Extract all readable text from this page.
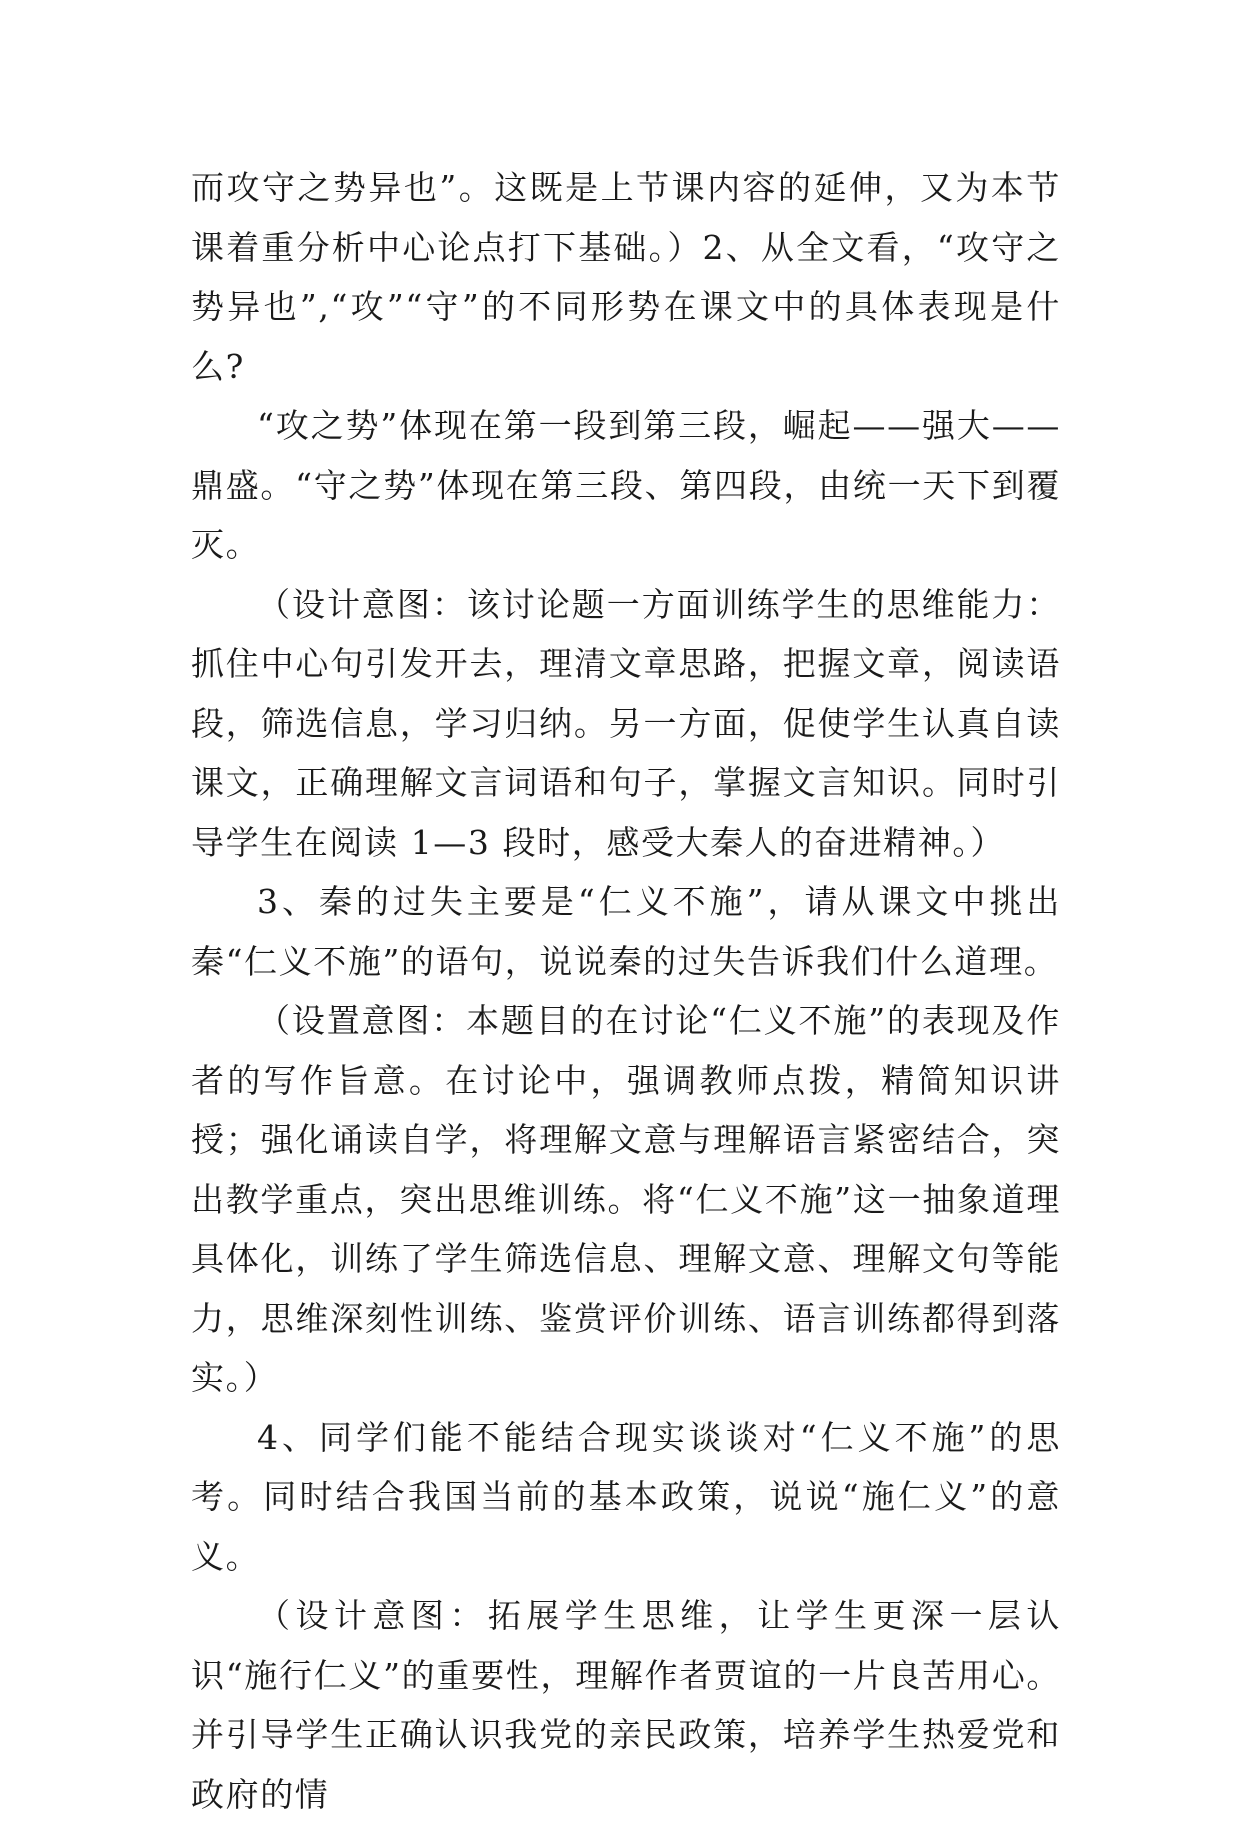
而攻守之势异也”。这既是上节课内容的延伸，又为本节课着重分析中心论点打下基础。）2、从全文看，“攻守之势异也”,“攻”“守”的不同形势在课文中的具体表现是什么?

“攻之势”体现在第一段到第三段，崛起——强大——鼎盛。“守之势”体现在第三段、第四段，由统一天下到覆灭。

（设计意图：该讨论题一方面训练学生的思维能力：抓住中心句引发开去，理清文章思路，把握文章，阅读语段，筛选信息，学习归纳。另一方面，促使学生认真自读课文，正确理解文言词语和句子，掌握文言知识。同时引导学生在阅读 1—3 段时，感受大秦人的奋进精神。）

3、秦的过失主要是“仁义不施”，请从课文中挑出秦“仁义不施”的语句，说说秦的过失告诉我们什么道理。

（设置意图：本题目的在讨论“仁义不施”的表现及作者的写作旨意。在讨论中，强调教师点拨，精简知识讲授；强化诵读自学，将理解文意与理解语言紧密结合，突出教学重点，突出思维训练。将“仁义不施”这一抽象道理具体化，训练了学生筛选信息、理解文意、理解文句等能力，思维深刻性训练、鉴赏评价训练、语言训练都得到落实。）

4、同学们能不能结合现实谈谈对“仁义不施”的思考。同时结合我国当前的基本政策，说说“施仁义”的意义。

（设计意图：拓展学生思维，让学生更深一层认识“施行仁义”的重要性，理解作者贾谊的一片良苦用心。并引导学生正确认识我党的亲民政策，培养学生热爱党和政府的情
